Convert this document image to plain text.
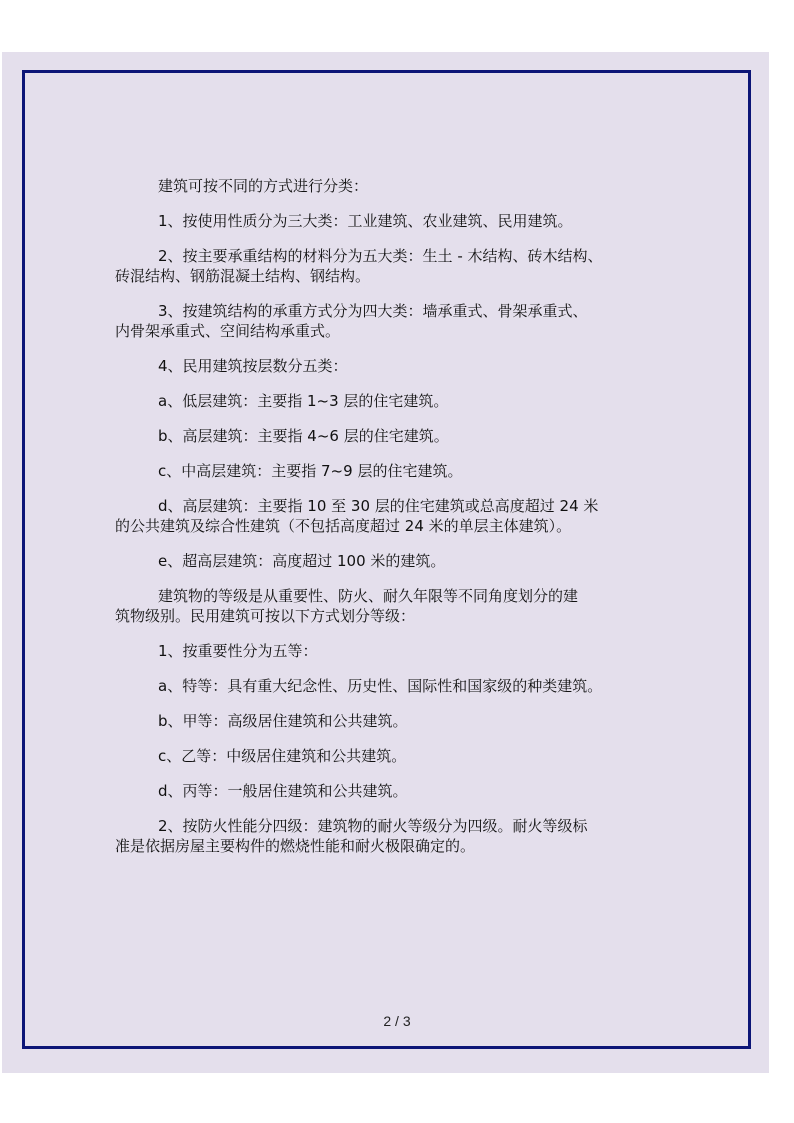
建筑可按不同的方式进行分类：

1、按使用性质分为三大类：工业建筑、农业建筑、民用建筑。

2、按主要承重结构的材料分为五大类：生土 - 木结构、砖木结构、
砖混结构、钢筋混凝土结构、钢结构。

3、按建筑结构的承重方式分为四大类：墙承重式、骨架承重式、
内骨架承重式、空间结构承重式。

4、民用建筑按层数分五类：

a、低层建筑：主要指 1~3 层的住宅建筑。

b、高层建筑：主要指 4~6 层的住宅建筑。

c、中高层建筑：主要指 7~9 层的住宅建筑。

d、高层建筑：主要指 10 至 30 层的住宅建筑或总高度超过 24 米
的公共建筑及综合性建筑（不包括高度超过 24 米的单层主体建筑）。

e、超高层建筑：高度超过 100 米的建筑。

建筑物的等级是从重要性、防火、耐久年限等不同角度划分的建
筑物级别。民用建筑可按以下方式划分等级：

1、按重要性分为五等：

a、特等：具有重大纪念性、历史性、国际性和国家级的种类建筑。

b、甲等：高级居住建筑和公共建筑。

c、乙等：中级居住建筑和公共建筑。

d、丙等：一般居住建筑和公共建筑。

2、按防火性能分四级：建筑物的耐火等级分为四级。耐火等级标
准是依据房屋主要构件的燃烧性能和耐火极限确定的。

2 / 3
